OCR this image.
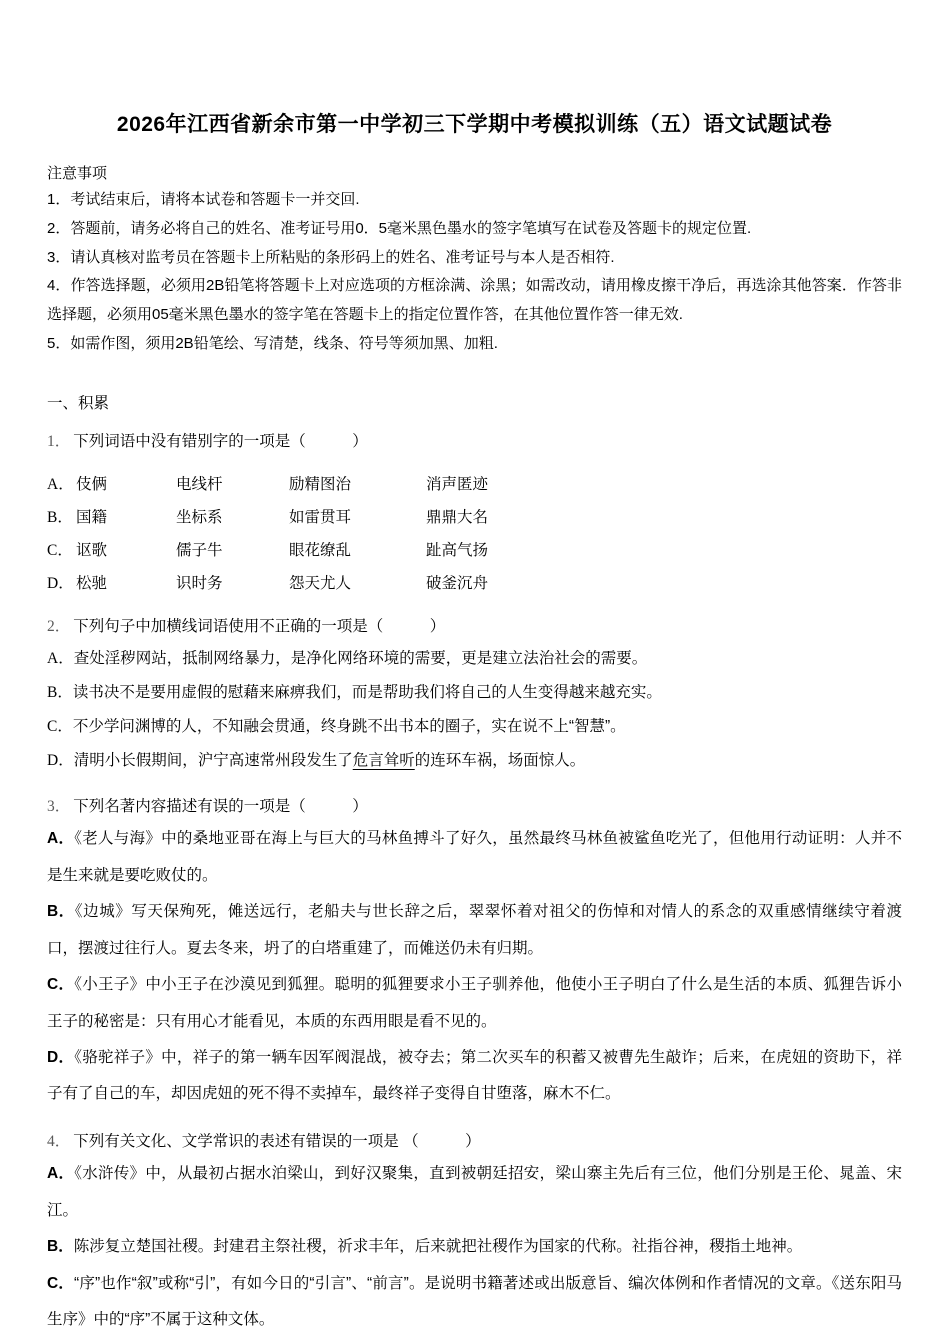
2026年江西省新余市第一中学初三下学期中考模拟训练（五）语文试题试卷
注意事项

1．考试结束后，请将本试卷和答题卡一并交回.

2．答题前，请务必将自己的姓名、准考证号用0．5毫米黑色墨水的签字笔填写在试卷及答题卡的规定位置.

3．请认真核对监考员在答题卡上所粘贴的条形码上的姓名、准考证号与本人是否相符.

4．作答选择题，必须用2B铅笔将答题卡上对应选项的方框涂满、涂黑；如需改动，请用橡皮擦干净后，再选涂其他答案．作答非选择题，必须用05毫米黑色墨水的签字笔在答题卡上的指定位置作答，在其他位置作答一律无效.

5．如需作图，须用2B铅笔绘、写清楚，线条、符号等须加黑、加粗.

一、积累

1． 下列词语中没有错别字的一项是（　　　）

A． 伎俩	电线杆	励精图治	消声匿迹
B． 国籍	坐标系	如雷贯耳	鼎鼎大名
C． 讴歌	儒子牛	眼花缭乱	趾高气扬
D． 松驰	识时务	怨天尤人	破釜沉舟

2． 下列句子中加横线词语使用不正确的一项是（　　　）

A．查处淫秽网站，抵制网络暴力，是净化网络环境的需要，更是建立法治社会的需要。

B．读书决不是要用虚假的慰藉来麻痹我们，而是帮助我们将自己的人生变得越来越充实。

C．不少学问渊博的人，不知融会贯通，终身跳不出书本的圈子，实在说不上“智慧”。

D．清明小长假期间，沪宁高速常州段发生了危言耸听的连环车祸，场面惊人。

3． 下列名著内容描述有误的一项是（　　　）

A．《老人与海》中的桑地亚哥在海上与巨大的马林鱼搏斗了好久，虽然最终马林鱼被鲨鱼吃光了，但他用行动证明：人并不是生来就是要吃败仗的。

B．《边城》写天保殉死，傩送远行，老船夫与世长辞之后，翠翠怀着对祖父的伤悼和对情人的系念的双重感情继续守着渡口，摆渡过往行人。夏去冬来，坍了的白塔重建了，而傩送仍未有归期。

C．《小王子》中小王子在沙漠见到狐狸。聪明的狐狸要求小王子驯养他，他使小王子明白了什么是生活的本质、狐狸告诉小王子的秘密是：只有用心才能看见，本质的东西用眼是看不见的。

D．《骆驼祥子》中，祥子的第一辆车因军阀混战，被夺去；第二次买车的积蓄又被曹先生敲诈；后来，在虎妞的资助下，祥子有了自己的车，却因虎妞的死不得不卖掉车，最终祥子变得自甘堕落，麻木不仁。

4． 下列有关文化、文学常识的表述有错误的一项是 （　　　）

A．《水浒传》中，从最初占据水泊梁山，到好汉聚集，直到被朝廷招安，梁山寨主先后有三位，他们分别是王伦、晁盖、宋江。

B．陈涉复立楚国社稷。封建君主祭社稷，祈求丰年，后来就把社稷作为国家的代称。社指谷神，稷指土地神。

C．“序”也作“叙”或称“引”，有如今日的“引言”、“前言”。是说明书籍著述或出版意旨、编次体例和作者情况的文章。《送东阳马生序》中的“序”不属于这种文体。
